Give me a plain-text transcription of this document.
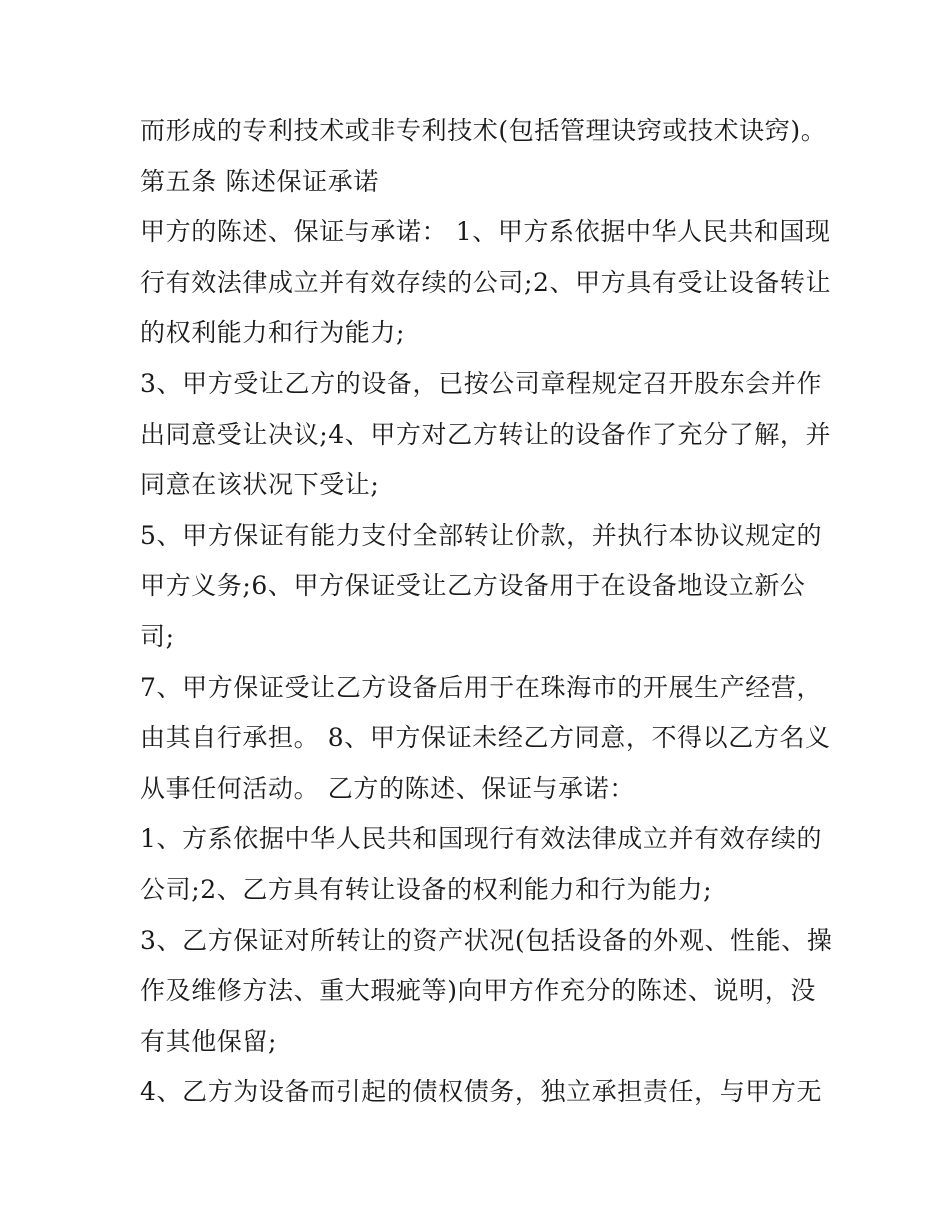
而形成的专利技术或非专利技术(包括管理诀窍或技术诀窍)。
第五条 陈述保证承诺
甲方的陈述、保证与承诺： 1、甲方系依据中华人民共和国现
行有效法律成立并有效存续的公司;2、甲方具有受让设备转让
的权利能力和行为能力;
3、甲方受让乙方的设备，已按公司章程规定召开股东会并作
出同意受让决议;4、甲方对乙方转让的设备作了充分了解，并
同意在该状况下受让;
5、甲方保证有能力支付全部转让价款，并执行本协议规定的
甲方义务;6、甲方保证受让乙方设备用于在设备地设立新公
司;
7、甲方保证受让乙方设备后用于在珠海市的开展生产经营，
由其自行承担。 8、甲方保证未经乙方同意，不得以乙方名义
从事任何活动。 乙方的陈述、保证与承诺：
1、方系依据中华人民共和国现行有效法律成立并有效存续的
公司;2、乙方具有转让设备的权利能力和行为能力;
3、乙方保证对所转让的资产状况(包括设备的外观、性能、操
作及维修方法、重大瑕疵等)向甲方作充分的陈述、说明，没
有其他保留;
4、乙方为设备而引起的债权债务，独立承担责任，与甲方无
